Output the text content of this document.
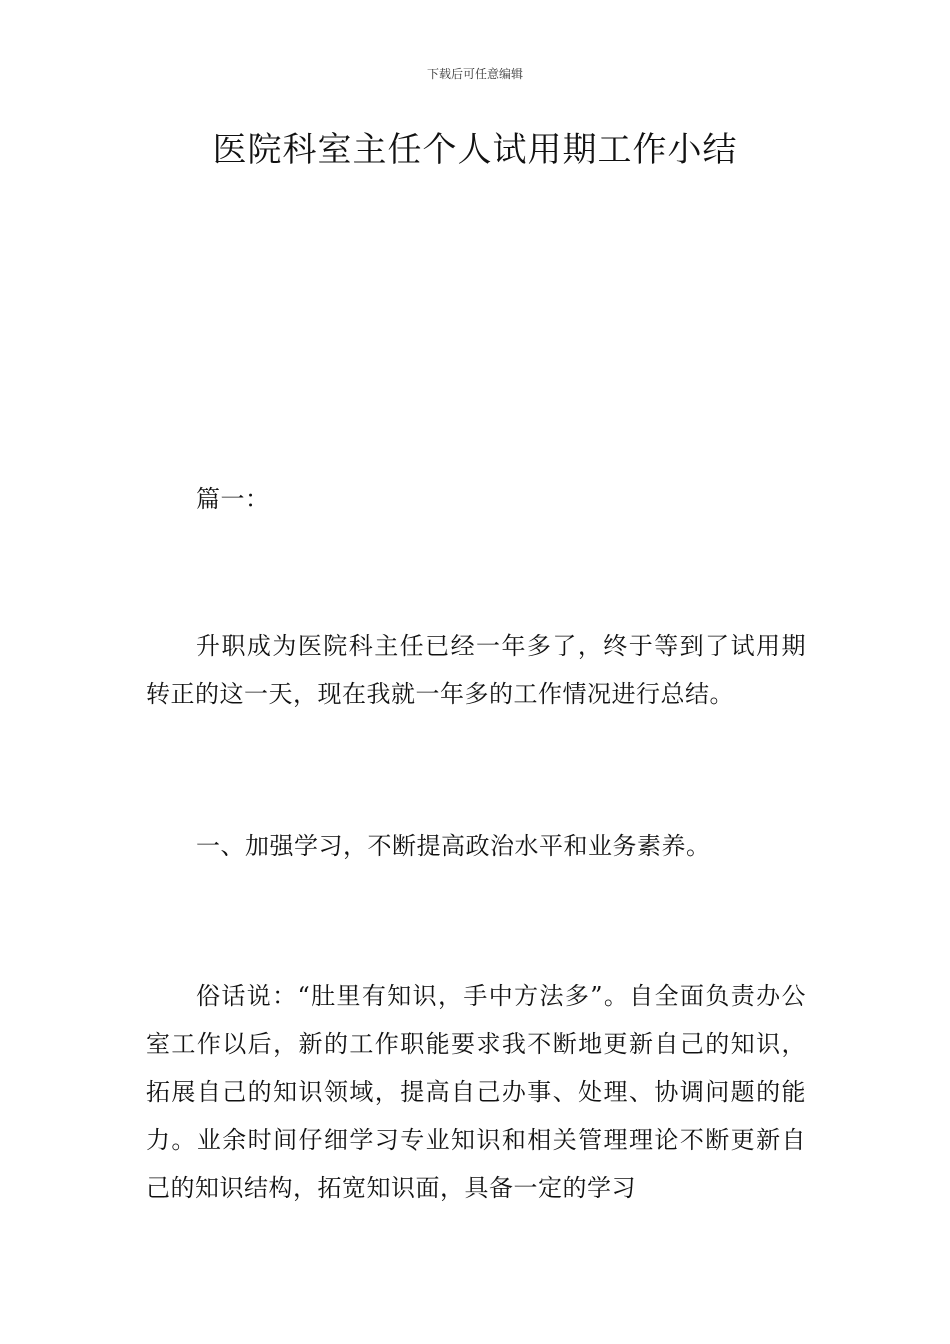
下载后可任意编辑
医院科室主任个人试用期工作小结

篇一：

升职成为医院科主任已经一年多了，终于等到了试用期转正的这一天，现在我就一年多的工作情况进行总结。

一、加强学习，不断提高政治水平和业务素养。

俗话说：“肚里有知识，手中方法多”。自全面负责办公室工作以后，新的工作职能要求我不断地更新自己的知识，拓展自己的知识领域，提高自己办事、处理、协调问题的能力。业余时间仔细学习专业知识和相关管理理论不断更新自己的知识结构，拓宽知识面，具备一定的学习
